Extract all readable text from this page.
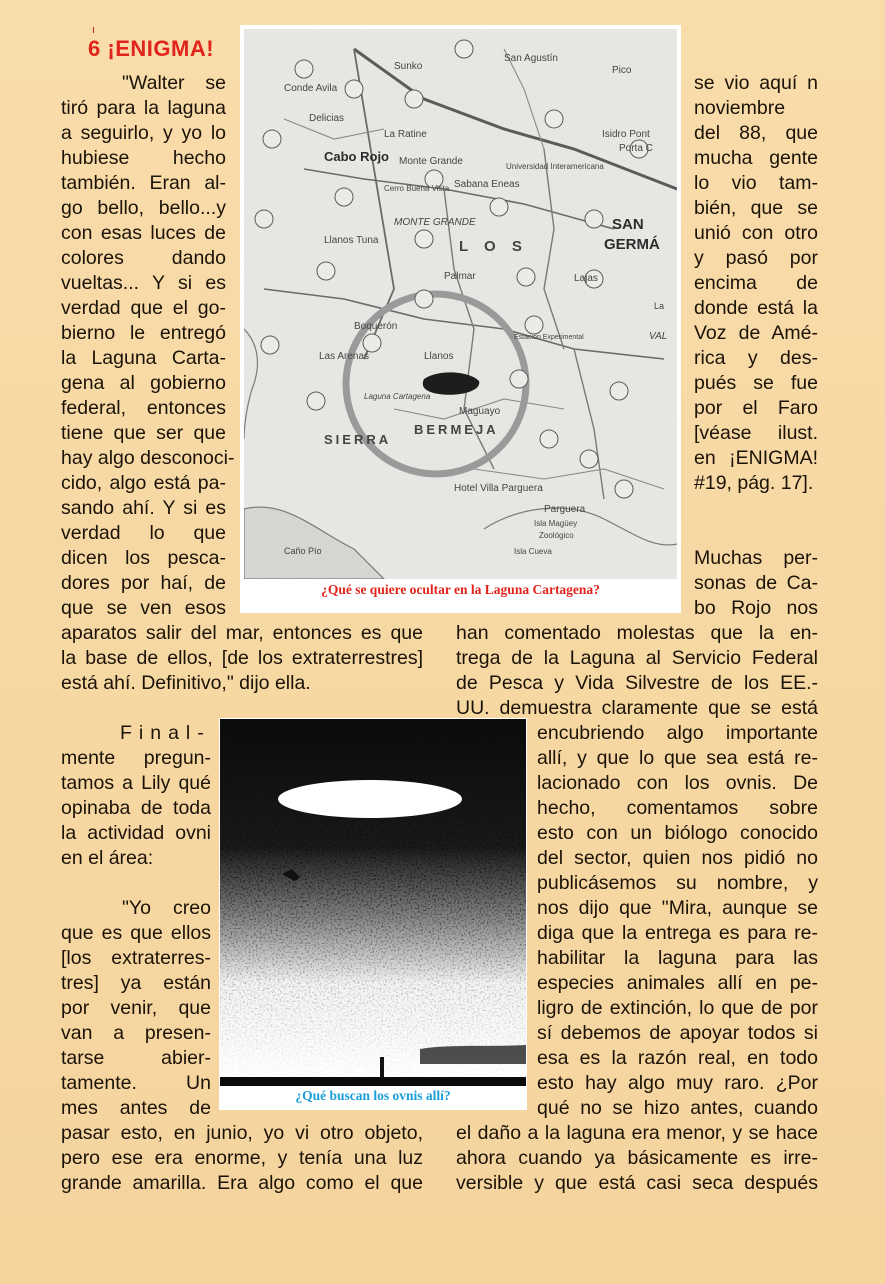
ı
6 ¡ENIGMA!
¿Qué se quiere ocultar en la Laguna Cartagena?
¿Qué buscan los ovnis allí?
"Walter se
tiró para la laguna
a seguirlo, y yo lo
hubiese hecho
también. Eran al-
go bello, bello...y
con esas luces de
colores dando
vueltas... Y si es
verdad que el go-
bierno le entregó
la Laguna Carta-
gena al gobierno
federal, entonces
tiene que ser que
hay algo desconoci-
cido, algo está pa-
sando ahí. Y si es
verdad lo que
dicen los pesca-
dores por haí, de
que se ven esos
aparatos salir del mar, entonces es que
la base de ellos, [de los extraterrestres]
está ahí. Definitivo," dijo ella.
Final-
mente pregun-
tamos a Lily qué
opinaba de toda
la actividad ovni
en el área:
"Yo creo
que es que ellos
[los extraterres-
tres] ya están
por venir, que
van a presen-
tarse abier-
tamente. Un
mes antes de
pasar esto, en junio, yo vi otro objeto,
pero ese era enorme, y tenía una luz
grande amarilla. Era algo como el que
se vio aquí n
noviembre
del 88, que
mucha gente
lo vio tam-
bién, que se
unió con otro
y pasó por
encima de
donde está la
Voz de Amé-
rica y des-
pués se fue
por el Faro
[véase ilust.
en ¡ENIGMA!
#19, pág. 17].
Muchas per-
sonas de Ca-
bo Rojo nos
han comentado molestas que la en-
trega de la Laguna al Servicio Federal
de Pesca y Vida Silvestre de los EE.-
UU. demuestra claramente que se está
encubriendo algo importante
allí, y que lo que sea está re-
lacionado con los ovnis. De
hecho, comentamos sobre
esto con un biólogo conocido
del sector, quien nos pidió no
publicásemos su nombre, y
nos dijo que "Mira, aunque se
diga que la entrega es para re-
habilitar la laguna para las
especies animales allí en pe-
ligro de extinción, lo que de por
sí debemos de apoyar todos si
esa es la razón real, en todo
esto hay algo muy raro. ¿Por
qué no se hizo antes, cuando
el daño a la laguna era menor, y se hace
ahora cuando ya básicamente es irre-
versible y que está casi seca después
